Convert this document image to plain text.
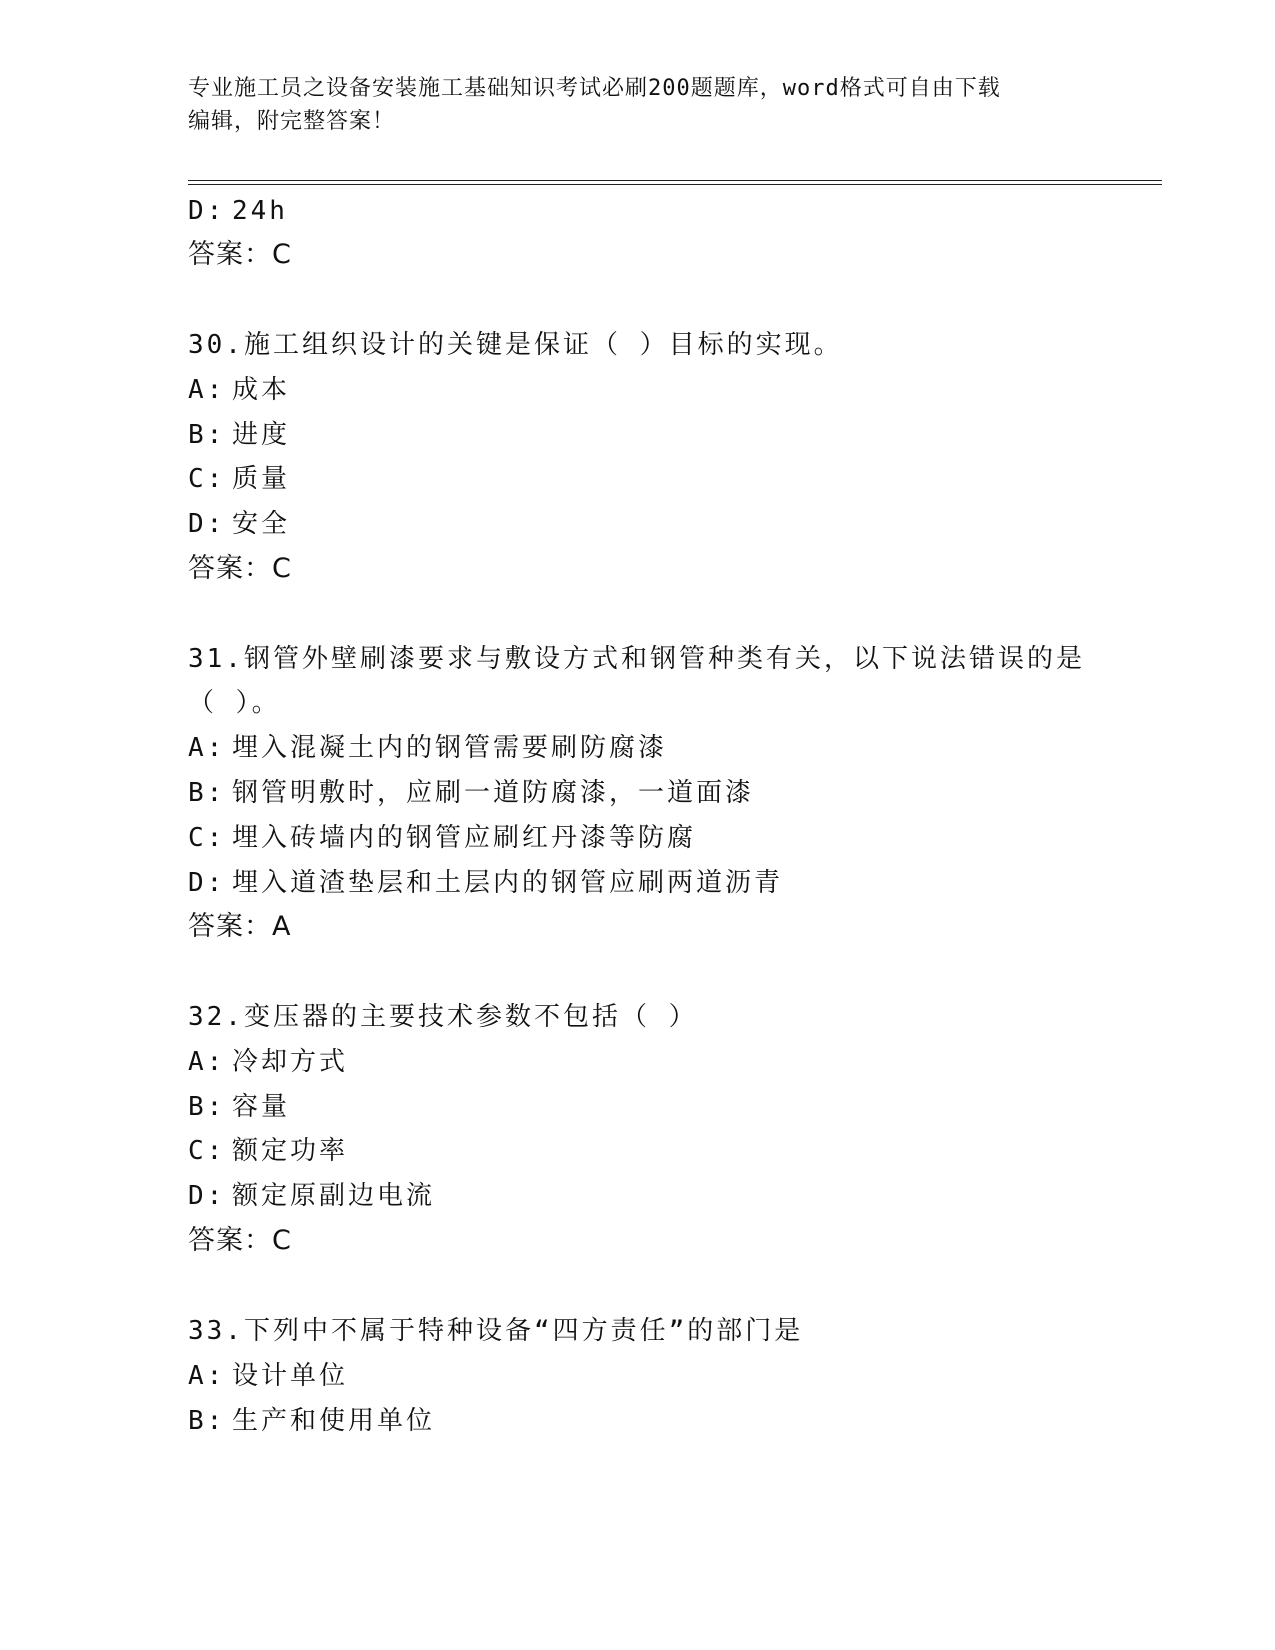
专业施工员之设备安装施工基础知识考试必刷200题题库，word格式可自由下载
编辑，附完整答案！
D: 24h
答案：C
30.施工组织设计的关键是保证（ ）目标的实现。
A: 成本
B: 进度
C: 质量
D: 安全
答案：C
31.钢管外壁刷漆要求与敷设方式和钢管种类有关，以下说法错误的是
（ ）。
A: 埋入混凝土内的钢管需要刷防腐漆
B: 钢管明敷时，应刷一道防腐漆，一道面漆
C: 埋入砖墙内的钢管应刷红丹漆等防腐
D: 埋入道渣垫层和土层内的钢管应刷两道沥青
答案：A
32.变压器的主要技术参数不包括（ ）
A: 冷却方式
B: 容量
C: 额定功率
D: 额定原副边电流
答案：C
33.下列中不属于特种设备“四方责任”的部门是
A: 设计单位
B: 生产和使用单位
